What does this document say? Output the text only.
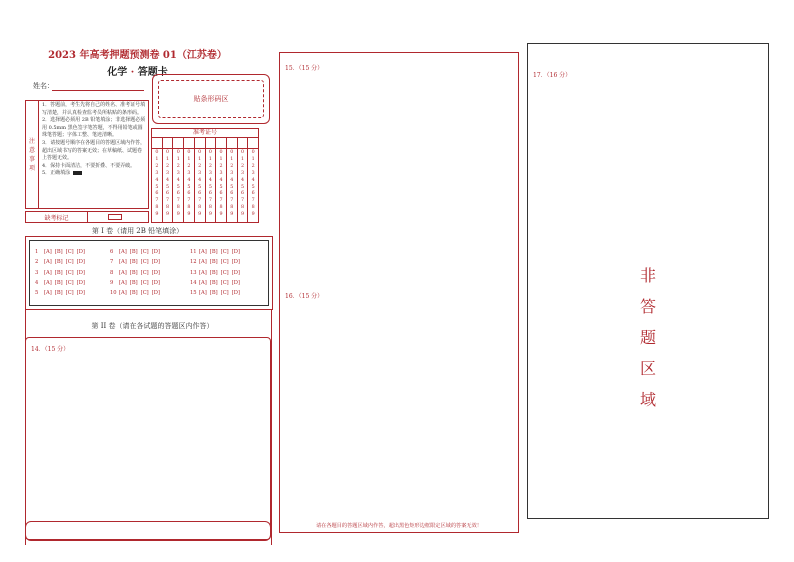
2023 年高考押题预测卷 01（江苏卷）
化学 · 答题卡
姓名：
贴条形码区
注
意
事
项
1．答题前，考生先将自己的姓名、准考证号填写清楚，并认真检查监考员所粘贴的条形码。
2．选择题必须用 2B 铅笔填涂；非选择题必须用 0.5mm 黑色签字笔答题，不得用铅笔或圆珠笔答题；字体工整、笔迹清晰。
3．请按题号顺序在各题目的答题区域内作答，超出区域书写的答案无效；在草稿纸、试题卷上答题无效。
4．保持卡面清洁，不要折叠、不要弄破。
5．正确填涂
缺考标记
准考证号
0
1
2
3
4
5
6
7
8
9
0
1
2
3
4
5
6
7
8
9
0
1
2
3
4
5
6
7
8
9
0
1
2
3
4
5
6
7
8
9
0
1
2
3
4
5
6
7
8
9
0
1
2
3
4
5
6
7
8
9
0
1
2
3
4
5
6
7
8
9
0
1
2
3
4
5
6
7
8
9
0
1
2
3
4
5
6
7
8
9
0
1
2
3
4
5
6
7
8
9
第 I 卷（请用 2B 铅笔填涂）
1 [A] [B] [C] [D]
2 [A] [B] [C] [D]
3 [A] [B] [C] [D]
4 [A] [B] [C] [D]
5 [A] [B] [C] [D]
6 [A] [B] [C] [D]
7 [A] [B] [C] [D]
8 [A] [B] [C] [D]
9 [A] [B] [C] [D]
10 [A] [B] [C] [D]
11 [A] [B] [C] [D]
12 [A] [B] [C] [D]
13 [A] [B] [C] [D]
14 [A] [B] [C] [D]
15 [A] [B] [C] [D]
第 II 卷（请在各试题的答题区内作答）
14．（15 分）
15．（15 分）
16．（15 分）
请在各题目的答题区域内作答，超出黑色矩形边框限定区域的答案无效！
17．（16 分）
非
答
题
区
域
